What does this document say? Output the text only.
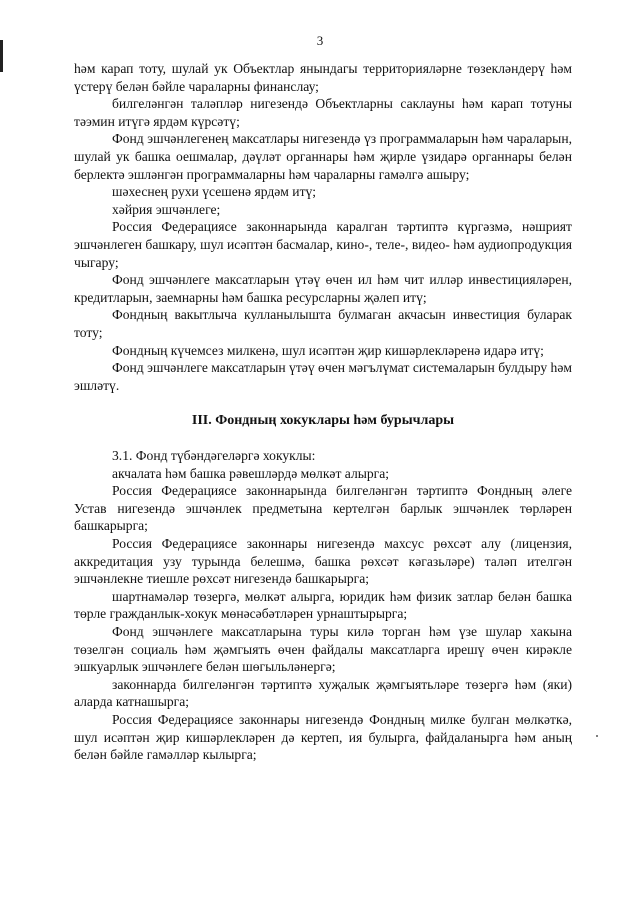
3

һәм карап тоту, шулай ук Объектлар янындагы территорияләрне төзекләндерү һәм үстерү белән бәйле чараларны финанслау;

билгеләнгән таләпләр нигезендә Объектларны саклауны һәм карап тотуны тәэмин итүгә ярдәм күрсәтү;

Фонд эшчәнлегенең максатлары нигезендә үз программаларын һәм чараларын, шулай ук башка оешмалар, дәүләт органнары һәм җирле үзидарә органнары белән берлектә эшләнгән программаларны һәм чараларны гамәлгә ашыру;

шәхеснең рухи үсешенә ярдәм итү;

хәйрия эшчәнлеге;

Россия Федерациясе законнарында каралган тәртиптә күргәзмә, нәшрият эшчәнлеген башкару, шул исәптән басмалар, кино-, теле-, видео- һәм аудиопродукция чыгару;

Фонд эшчәнлеге максатларын үтәү өчен ил һәм чит илләр инвестицияләрен, кредитларын, заемнарны һәм башка ресурсларны җәлеп итү;

Фондның вакытлыча кулланылышта булмаган акчасын инвестиция буларак тоту;

Фондның күчемсез милкенә, шул исәптән җир кишәрлекләренә идарә итү;

Фонд эшчәнлеге максатларын үтәү өчен мәгълүмат системаларын булдыру һәм эшләтү.

III. Фондның хокуклары һәм бурычлары

3.1. Фонд түбәндәгеләргә хокуклы:

акчалата һәм башка рәвешләрдә мөлкәт алырга;

Россия Федерациясе законнарында билгеләнгән тәртиптә Фондның әлеге Устав нигезендә эшчәнлек предметына кертелгән барлык эшчәнлек төрләрен башкарырга;

Россия Федерациясе законнары нигезендә махсус рөхсәт алу (лицензия, аккредитация узу турында белешмә, башка рөхсәт кәгазьләре) таләп ителгән эшчәнлекне тиешле рөхсәт нигезендә башкарырга;

шартнамәләр төзергә, мөлкәт алырга, юридик һәм физик затлар белән башка төрле гражданлык-хокук мөнәсәбәтләрен урнаштырырга;

Фонд эшчәнлеге максатларына туры килә торган һәм үзе шулар хакына төзелгән социаль һәм җәмгыять өчен файдалы максатларга ирешү өчен кирәкле эшкуарлык эшчәнлеге белән шөгыльләнергә;

законнарда билгеләнгән тәртиптә хуҗалык җәмгыятьләре төзергә һәм (яки) аларда катнашырга;

Россия Федерациясе законнары нигезендә Фондның милке булган мөлкәткә, шул исәптән җир кишәрлекләрен дә кертеп, ия булырга, файдаланырга һәм аның белән бәйле гамәлләр кылырга;
